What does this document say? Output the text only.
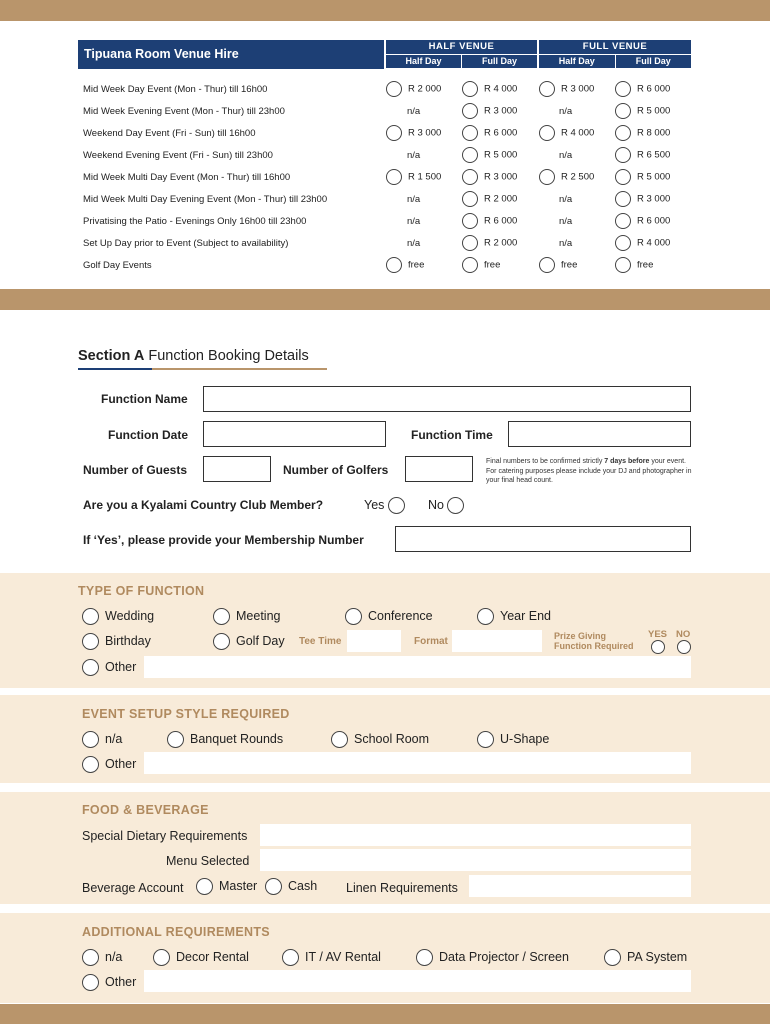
Tipuana Room Venue Hire
HALF VENUE
Half Day	Full Day
FULL VENUE
Half Day	Full Day
Mid Week Day Event (Mon - Thur) till 16h00	R 2 000	R 4 000	R 3 000	R 6 000
Mid Week Evening Event (Mon - Thur) till 23h00	n/a	R 3 000	n/a	R 5 000
Weekend Day Event (Fri - Sun) till 16h00	R 3 000	R 6 000	R 4 000	R 8 000
Weekend Evening Event (Fri - Sun) till 23h00	n/a	R 5 000	n/a	R 6 500
Mid Week Multi Day Event (Mon - Thur) till 16h00	R 1 500	R 3 000	R 2 500	R 5 000
Mid Week Multi Day Evening Event (Mon - Thur) till 23h00	n/a	R 2 000	n/a	R 3 000
Privatising the Patio - Evenings Only 16h00 till 23h00	n/a	R 6 000	n/a	R 6 000
Set Up Day prior to Event (Subject to availability)	n/a	R 2 000	n/a	R 4 000
Golf Day Events	free	free	free	free
Section A Function Booking Details
Function Name
Function Date	Function Time
Number of Guests	Number of Golfers
Final numbers to be confirmed strictly 7 days before your event. For catering purposes please include your DJ and photographer in your final head count.
Are you a Kyalami Country Club Member?	Yes	No
If ‘Yes’, please provide your Membership Number
TYPE OF FUNCTION
Wedding	Meeting	Conference	Year End
Birthday	Golf Day Tee Time	Format	Prize Giving
Function Required
YES NO
Other
EVENT SETUP STYLE REQUIRED
n/a	Banquet Rounds	School Room	U-Shape
Other
FOOD & BEVERAGE
Special Dietary Requirements
Menu Selected
Beverage Account	Master	Cash Linen Requirements
ADDITIONAL REQUIREMENTS
n/a	Decor Rental	IT / AV Rental	Data Projector / Screen	PA System
Other
